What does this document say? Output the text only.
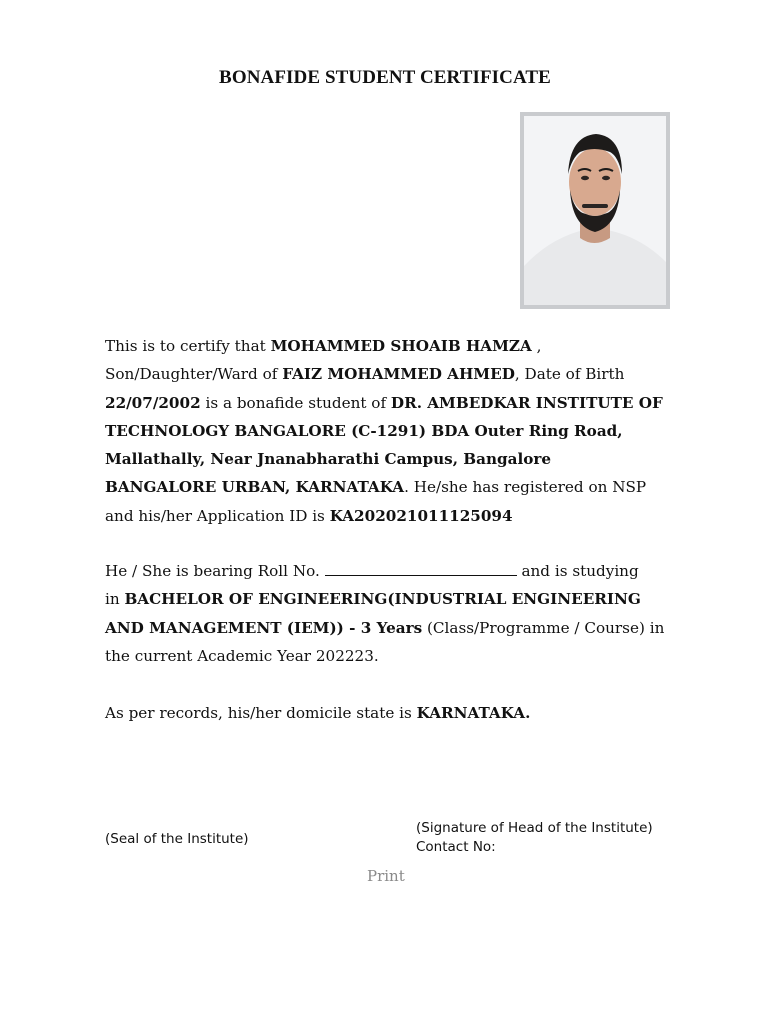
BONAFIDE STUDENT CERTIFICATE

This is to certify that MOHAMMED SHOAIB HAMZA ,
Son/Daughter/Ward of FAIZ MOHAMMED AHMED, Date of Birth
22/07/2002 is a bonafide student of DR. AMBEDKAR INSTITUTE OF
TECHNOLOGY BANGALORE (C-1291) BDA Outer Ring Road,
Mallathally, Near Jnanabharathi Campus, Bangalore
BANGALORE URBAN, KARNATAKA. He/she has registered on NSP
and his/her Application ID is KA202021011125094

He / She is bearing Roll No.	and is studying
in BACHELOR OF ENGINEERING(INDUSTRIAL ENGINEERING
AND MANAGEMENT (IEM)) - 3 Years (Class/Programme / Course) in
the current Academic Year 202223.

As per records, his/her domicile state is KARNATAKA.

(Seal of the Institute)

(Signature of Head of the Institute)
Contact No:

Print
